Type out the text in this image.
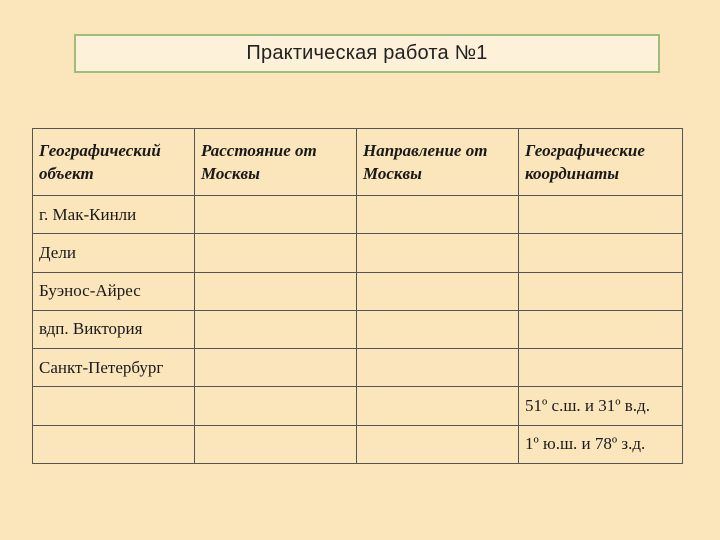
Практическая работа №1
Географический объект	Расстояние от Москвы	Направление от Москвы	Географические координаты
г. Мак-Кинли			
Дели			
Буэнос-Айрес			
вдп. Виктория			
Санкт-Петербург			
			51º с.ш. и 31º в.д.
			1º ю.ш. и 78º з.д.
